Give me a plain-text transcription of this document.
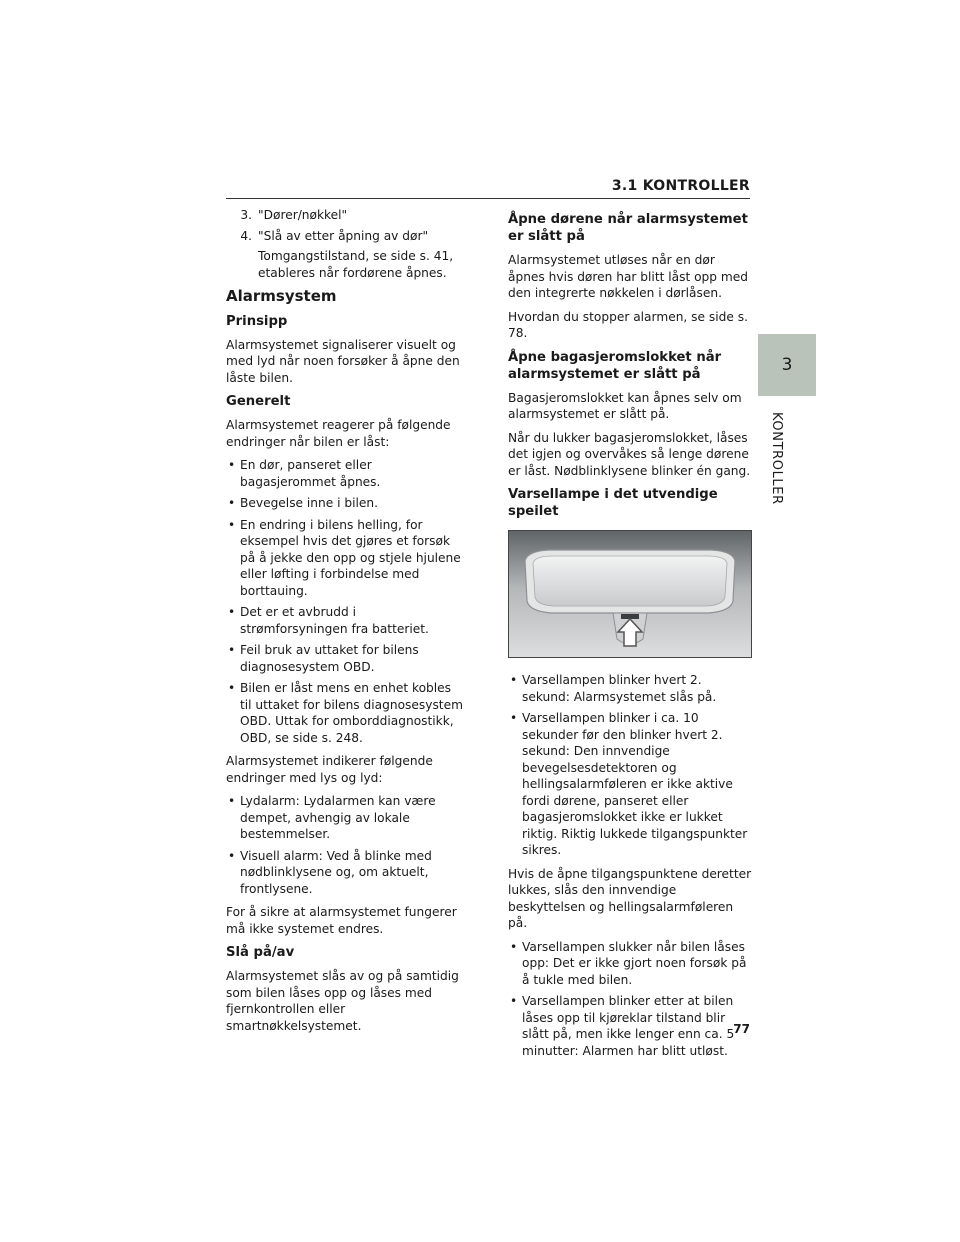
3.1 KONTROLLER
3
KONTROLLER
3. "Dører/nøkkel"
4. "Slå av etter åpning av dør"
Tomgangstilstand, se side s. 41, etableres når fordørene åpnes.
Alarmsystem
Prinsipp

Alarmsystemet signaliserer visuelt og med lyd når noen forsøker å åpne den låste bilen.

Generelt

Alarmsystemet reagerer på følgende endringer når bilen er låst:

• En dør, panseret eller bagasjerommet åpnes.
• Bevegelse inne i bilen.
• En endring i bilens helling, for eksempel hvis det gjøres et forsøk på å jekke den opp og stjele hjulene eller løfting i forbindelse med borttauing.
• Det er et avbrudd i strømforsyningen fra batteriet.
• Feil bruk av uttaket for bilens diagnosesystem OBD.
• Bilen er låst mens en enhet kobles til uttaket for bilens diagnosesystem OBD. Uttak for omborddiagnostikk, OBD, se side s. 248.

Alarmsystemet indikerer følgende endringer med lys og lyd:

• Lydalarm: Lydalarmen kan være dempet, avhengig av lokale bestemmelser.
• Visuell alarm: Ved å blinke med nødblinklysene og, om aktuelt, frontlysene.

For å sikre at alarmsystemet fungerer må ikke systemet endres.

Slå på/av

Alarmsystemet slås av og på samtidig som bilen låses opp og låses med fjernkontrollen eller smartnøkkelsystemet.

Åpne dørene når alarmsystemet er slått på

Alarmsystemet utløses når en dør åpnes hvis døren har blitt låst opp med den integrerte nøkkelen i dørlåsen.

Hvordan du stopper alarmen, se side s. 78.

Åpne bagasjeromslokket når alarmsystemet er slått på

Bagasjeromslokket kan åpnes selv om alarmsystemet er slått på.

Når du lukker bagasjeromslokket, låses det igjen og overvåkes så lenge dørene er låst. Nødblinklysene blinker én gang.

Varsellampe i det utvendige speilet
• Varsellampen blinker hvert 2. sekund: Alarmsystemet slås på.
• Varsellampen blinker i ca. 10 sekunder før den blinker hvert 2. sekund: Den innvendige bevegelsesdetektoren og hellingsalarmføleren er ikke aktive fordi dørene, panseret eller bagasjeromslokket ikke er lukket riktig. Riktig lukkede tilgangspunkter sikres.

Hvis de åpne tilgangspunktene deretter lukkes, slås den innvendige beskyttelsen og hellingsalarmføleren på.

• Varsellampen slukker når bilen låses opp: Det er ikke gjort noen forsøk på å tukle med bilen.
• Varsellampen blinker etter at bilen låses opp til kjøreklar tilstand blir slått på, men ikke lenger enn ca. 5 minutter: Alarmen har blitt utløst.
77
